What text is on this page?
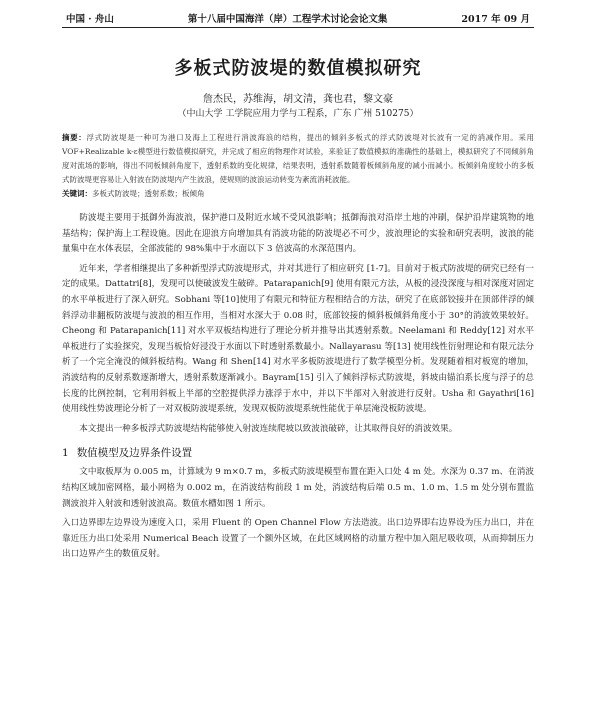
中国 · 舟山	第十八届中国海洋（岸）工程学术讨论会论文集	2017 年 09 月
多板式防波堤的数值模拟研究
詹杰民，苏维海，胡文清，龚也君，黎文豪
（中山大学 工学院应用力学与工程系，广东 广州 510275）
摘要：浮式防波堤是一种可为港口及海上工程进行消波海浪的结构，提出的倾斜多板式的浮式防波堤对长波有一定的消减作用。采用 VOF+Realizable k-ε模型进行数值模拟研究，并完成了相应的物理作对试验，来验证了数值模拟的准确性的基础上，模拟研究了不同倾斜角度对流场的影响，得出不同板倾斜角度下，透射系数的变化规律，结果表明，透射系数随着板倾斜角度的减小而减小。板倾斜角度较小的多板式防波堤更容易让入射波在防波堤内产生波浪，使规则的波浪运动转变为紊流消耗波能。
关键词：多板式防波堤；透射系数；板倾角

防波堤主要用于抵御外海波浪，保护港口及附近水域不受风浪影响；抵御海浪对沿岸土地的冲刷，保护沿岸建筑物的地基结构；保护海上工程设施。因此在迎浪方向增加具有消波功能的防波堤必不可少，波浪理论的实验和研究表明，波浪的能量集中在水体表层，全部波能的 98%集中于水面以下 3 倍波高的水深范围内。

近年来，学者相继提出了多种新型浮式防波堤形式，并对其进行了相应研究 [1-7]。目前对于板式防波堤的研究已经有一定的成果。Dattatri[8]，发现可以使破波发生破碎。Patarapanich[9] 使用有限元方法，从板的浸没深度与相对深度对固定的水平单板进行了深入研究。Sobhani 等[10]使用了有限元和特征方程相结合的方法，研究了在底部铰接并在顶部伴浮的倾斜浮动非翻板防波堤与波浪的相互作用，当相对水深大于 0.08 时，底部铰接的倾斜板倾斜角度小于 30°的消波效果较好。Cheong 和 Patarapanich[11] 对水平双板结构进行了理论分析并推导出其透射系数。Neelamani 和 Reddy[12] 对水平单板进行了实验探究，发现当板恰好浸没于水面以下时透射系数最小。Nallayarasu 等[13] 使用线性衍射理论和有限元法分析了一个完全淹没的倾斜板结构。Wang 和 Shen[14] 对水平多板防波堤进行了数学模型分析。发现随着相对板宽的增加，消波结构的反射系数逐渐增大，透射系数逐渐减小。Bayram[15] 引入了倾斜浮标式防波堤，斜坡由锚泊系长度与浮子的总长度的比例控制，它利用斜板上半部的空腔提供浮力涨浮于水中，并以下半部对入射波进行反射。Usha 和 Gayathri[16] 使用线性势波理论分析了一对双板防波堤系统，发现双板防波堤系统性能优于单层淹没板防波堤。

本文提出一种多板浮式防波堤结构能够使入射波连续爬坡以致波浪破碎，让其取得良好的消波效果。

1 数值模型及边界条件设置

文中取板厚为 0.005 m，计算域为 9 m×0.7 m，多板式防波堤模型布置在距入口处 4 m 处。水深为 0.37 m、在消波结构区域加密网格，最小网格为 0.002 m，在消波结构前段 1 m 处，消波结构后端 0.5 m、1.0 m、1.5 m 处分别布置监测波浪并入射波和透射波浪高。数值水槽如图 1 所示。

入口边界即左边界设为速度入口，采用 Fluent 的 Open Channel Flow 方法造波。出口边界即右边界设为压力出口，并在靠近压力出口处采用 Numerical Beach 设置了一个额外区域，在此区域网格的动量方程中加入阻尼吸收项，从而抑制压力出口边界产生的数值反射。
